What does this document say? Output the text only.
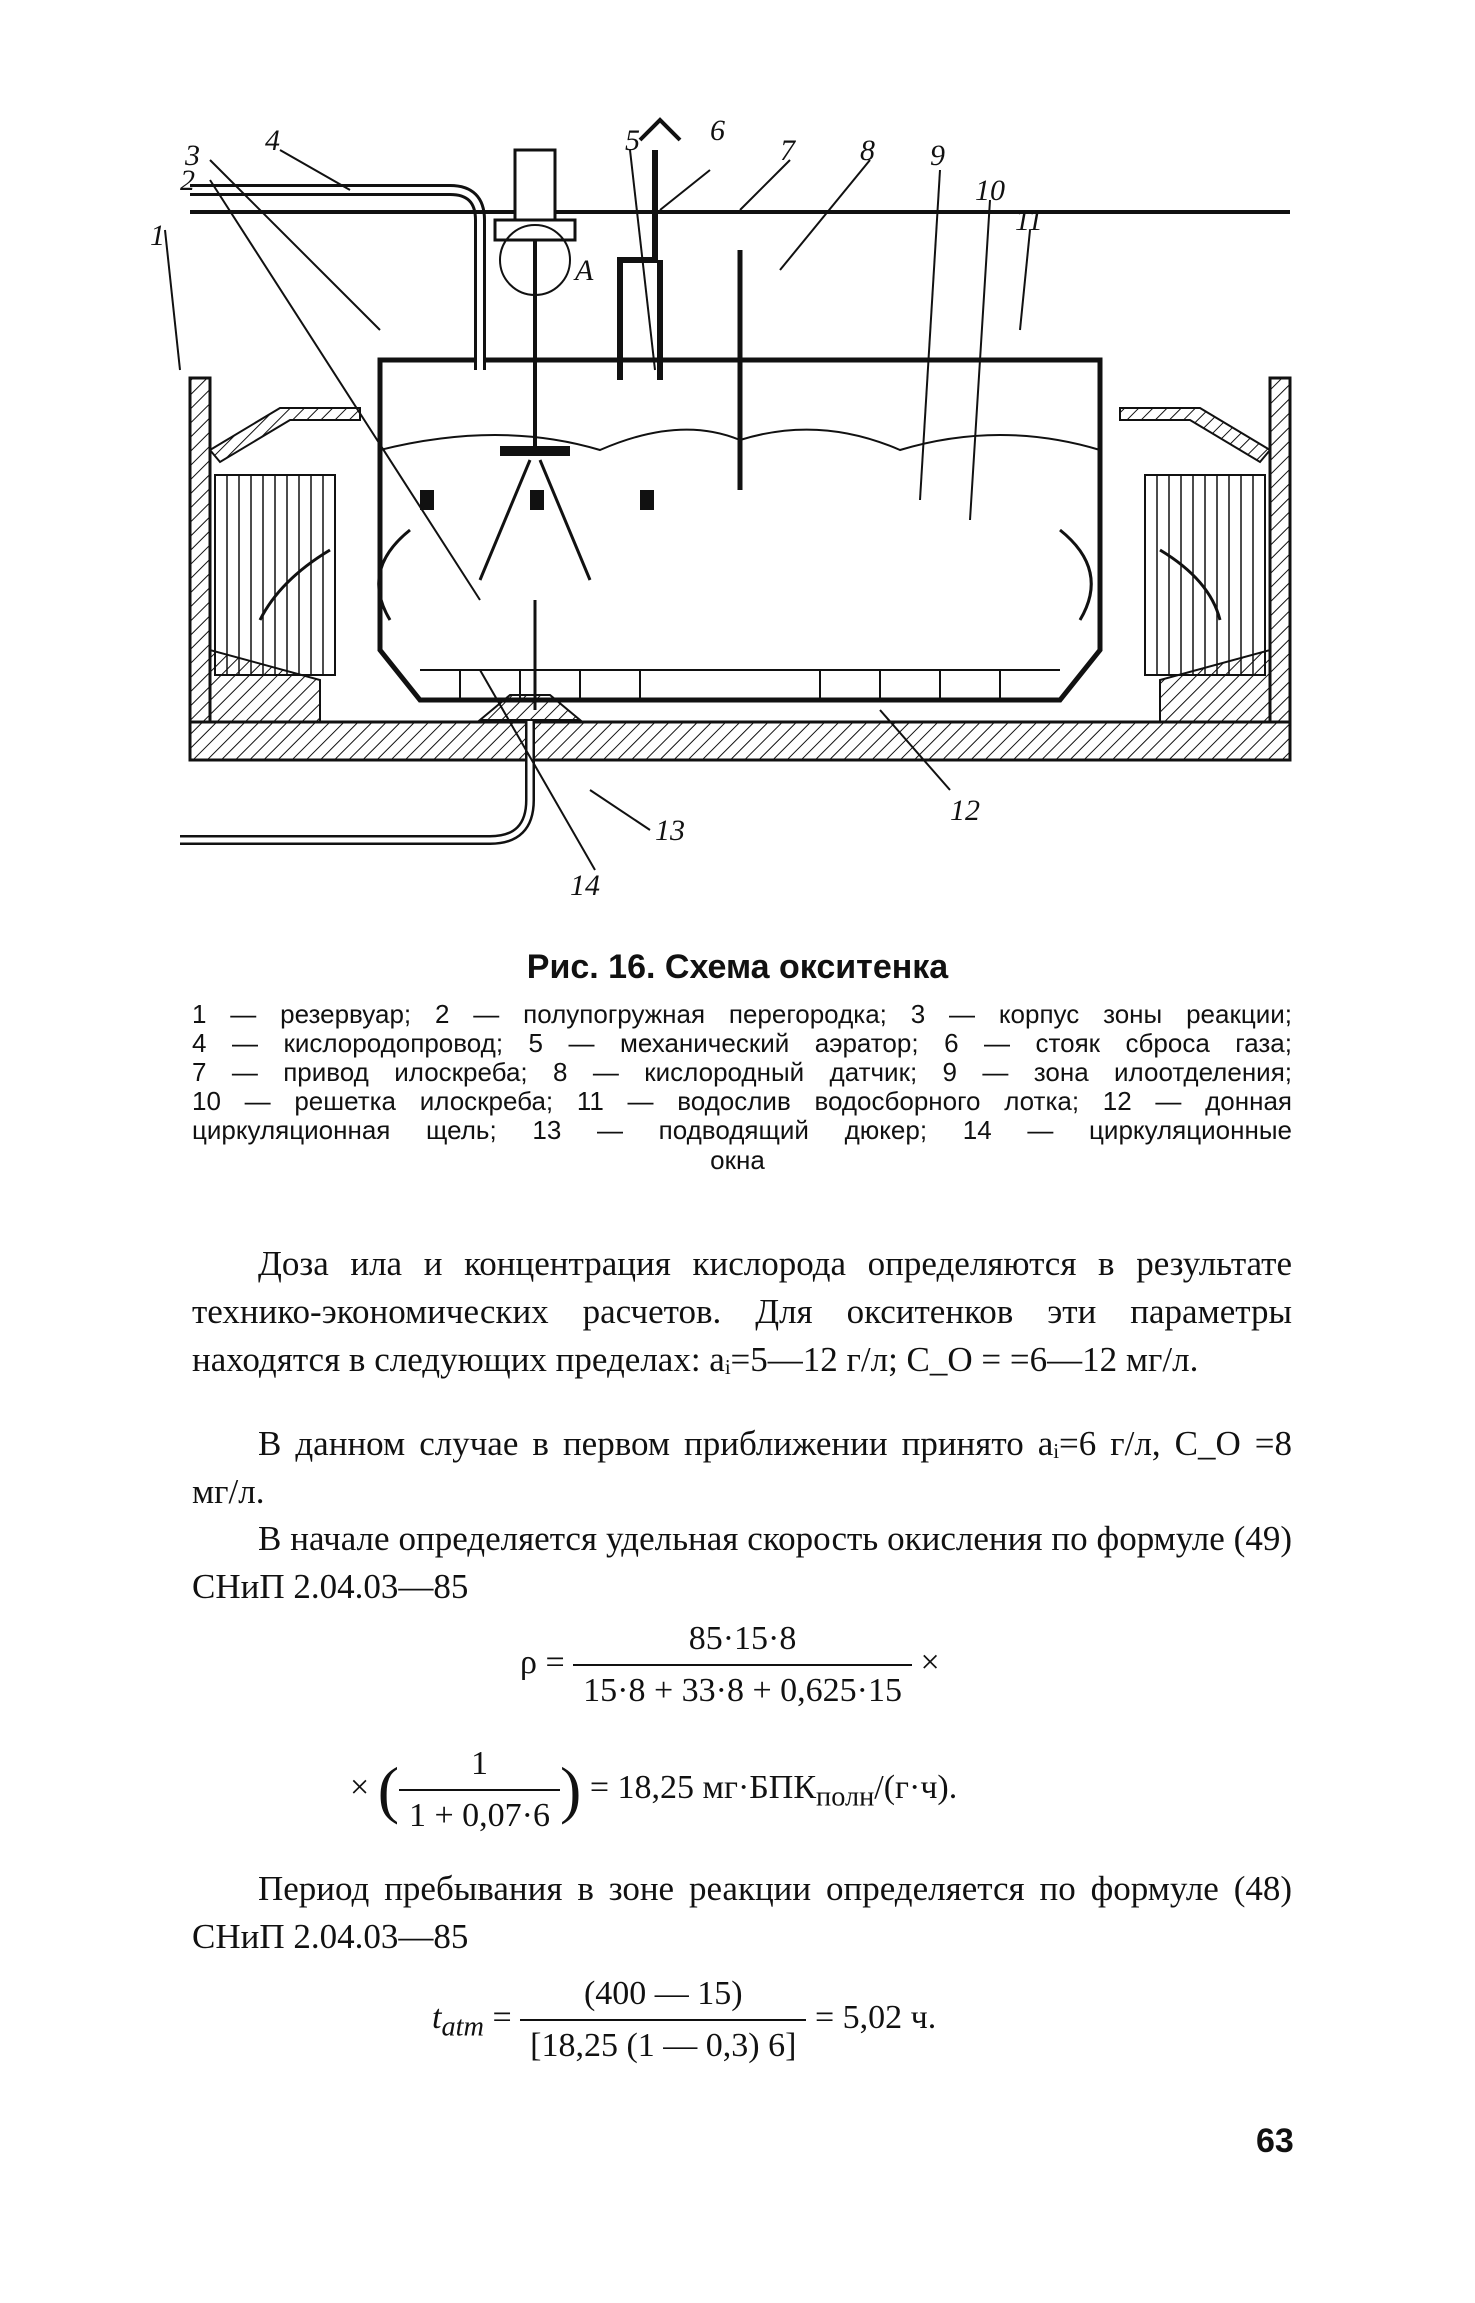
1
2
3 4	5 6
7 8 9
10
11
12
13
14
А
Рис. 16. Схема окситенка
1 — резервуар; 2 — полупогружная перегородка; 3 — корпус зоны реакции;
4 — кислородопровод; 5 — механический аэратор; 6 — стояк сброса газа;
7 — привод илоскреба; 8 — кислородный датчик; 9 — зона илоотделения;
10 — решетка илоскреба; 11 — водослив водосборного лотка; 12 — донная
циркуляционная щель; 13 — подводящий дюкер; 14 — циркуляционные
окна
Доза ила и концентрация кислорода определяются в результате технико-экономических расчетов. Для окситенков эти параметры находятся в следующих пределах: aᵢ=5—12 г/л; C_O = =6—12 мг/л.
В данном случае в первом приближении принято aᵢ=6 г/л, C_O =8 мг/л.
В начале определяется удельная скорость окисления по формуле (49) СНиП 2.04.03—85
$\rho = \frac{85\cdot 15\cdot 8}{15\cdot 8 + 33\cdot 8 + 0,625\cdot 15}$ ×
× ( $\frac{1}{1 + 0,07\cdot 6}$ ) = 18,25 $мг\cdot БПК_{полн}/(г\cdot ч)$.
Период пребывания в зоне реакции определяется по формуле (48) СНиП 2.04.03—85
$t_{atm} = \frac{(400 — 15)}{[18,25 (1 — 0,3) 6]} = 5,02$ ч.
63
